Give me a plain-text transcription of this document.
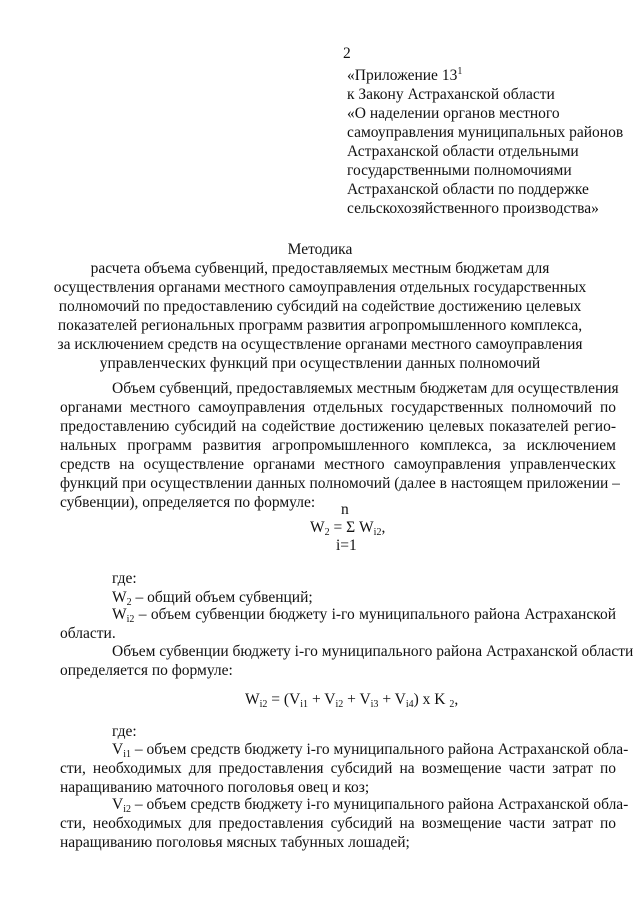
2
«Приложение $13^1$
к Закону Астраханской области
«О наделении органов местного
самоуправления муниципальных районов
Астраханской области отдельными
государственными полномочиями
Астраханской области по поддержке
сельскохозяйственного производства»
Методика
расчета объема субвенций, предоставляемых местным бюджетам для
осуществления органами местного самоуправления отдельных государственных
полномочий по предоставлению субсидий на содействие достижению целевых
показателей региональных программ развития агропромышленного комплекса,
за исключением средств на осуществление органами местного самоуправления
управленческих функций при осуществлении данных полномочий
Объем субвенций, предоставляемых местным бюджетам для осуществления
органами местного самоуправления отдельных государственных полномочий по
предоставлению субсидий на содействие достижению целевых показателей регио-
нальных программ развития агропромышленного комплекса, за исключением
средств на осуществление органами местного самоуправления управленческих
функций при осуществлении данных полномочий (далее в настоящем приложении –
субвенции), определяется по формуле:	n
$W_2 = \Sigma$ $W_{i2}$,
i=1
где:
$W_2$ – общий объем субвенций;
$W_{i2}$ – объем субвенции бюджету i-го муниципального района Астраханской
области.
Объем субвенции бюджету i-го муниципального района Астраханской области
определяется по формуле:
$W_{i2} = (V_{i1} + V_{i2} + V_{i3} + V_{i4})$ x K $_2$,
где:
$V_{i1}$ – объем средств бюджету i-го муниципального района Астраханской обла-
сти, необходимых для предоставления субсидий на возмещение части затрат по
наращиванию маточного поголовья овец и коз;
$V_{i2}$ – объем средств бюджету i-го муниципального района Астраханской обла-
сти, необходимых для предоставления субсидий на возмещение части затрат по
наращиванию поголовья мясных табунных лошадей;
